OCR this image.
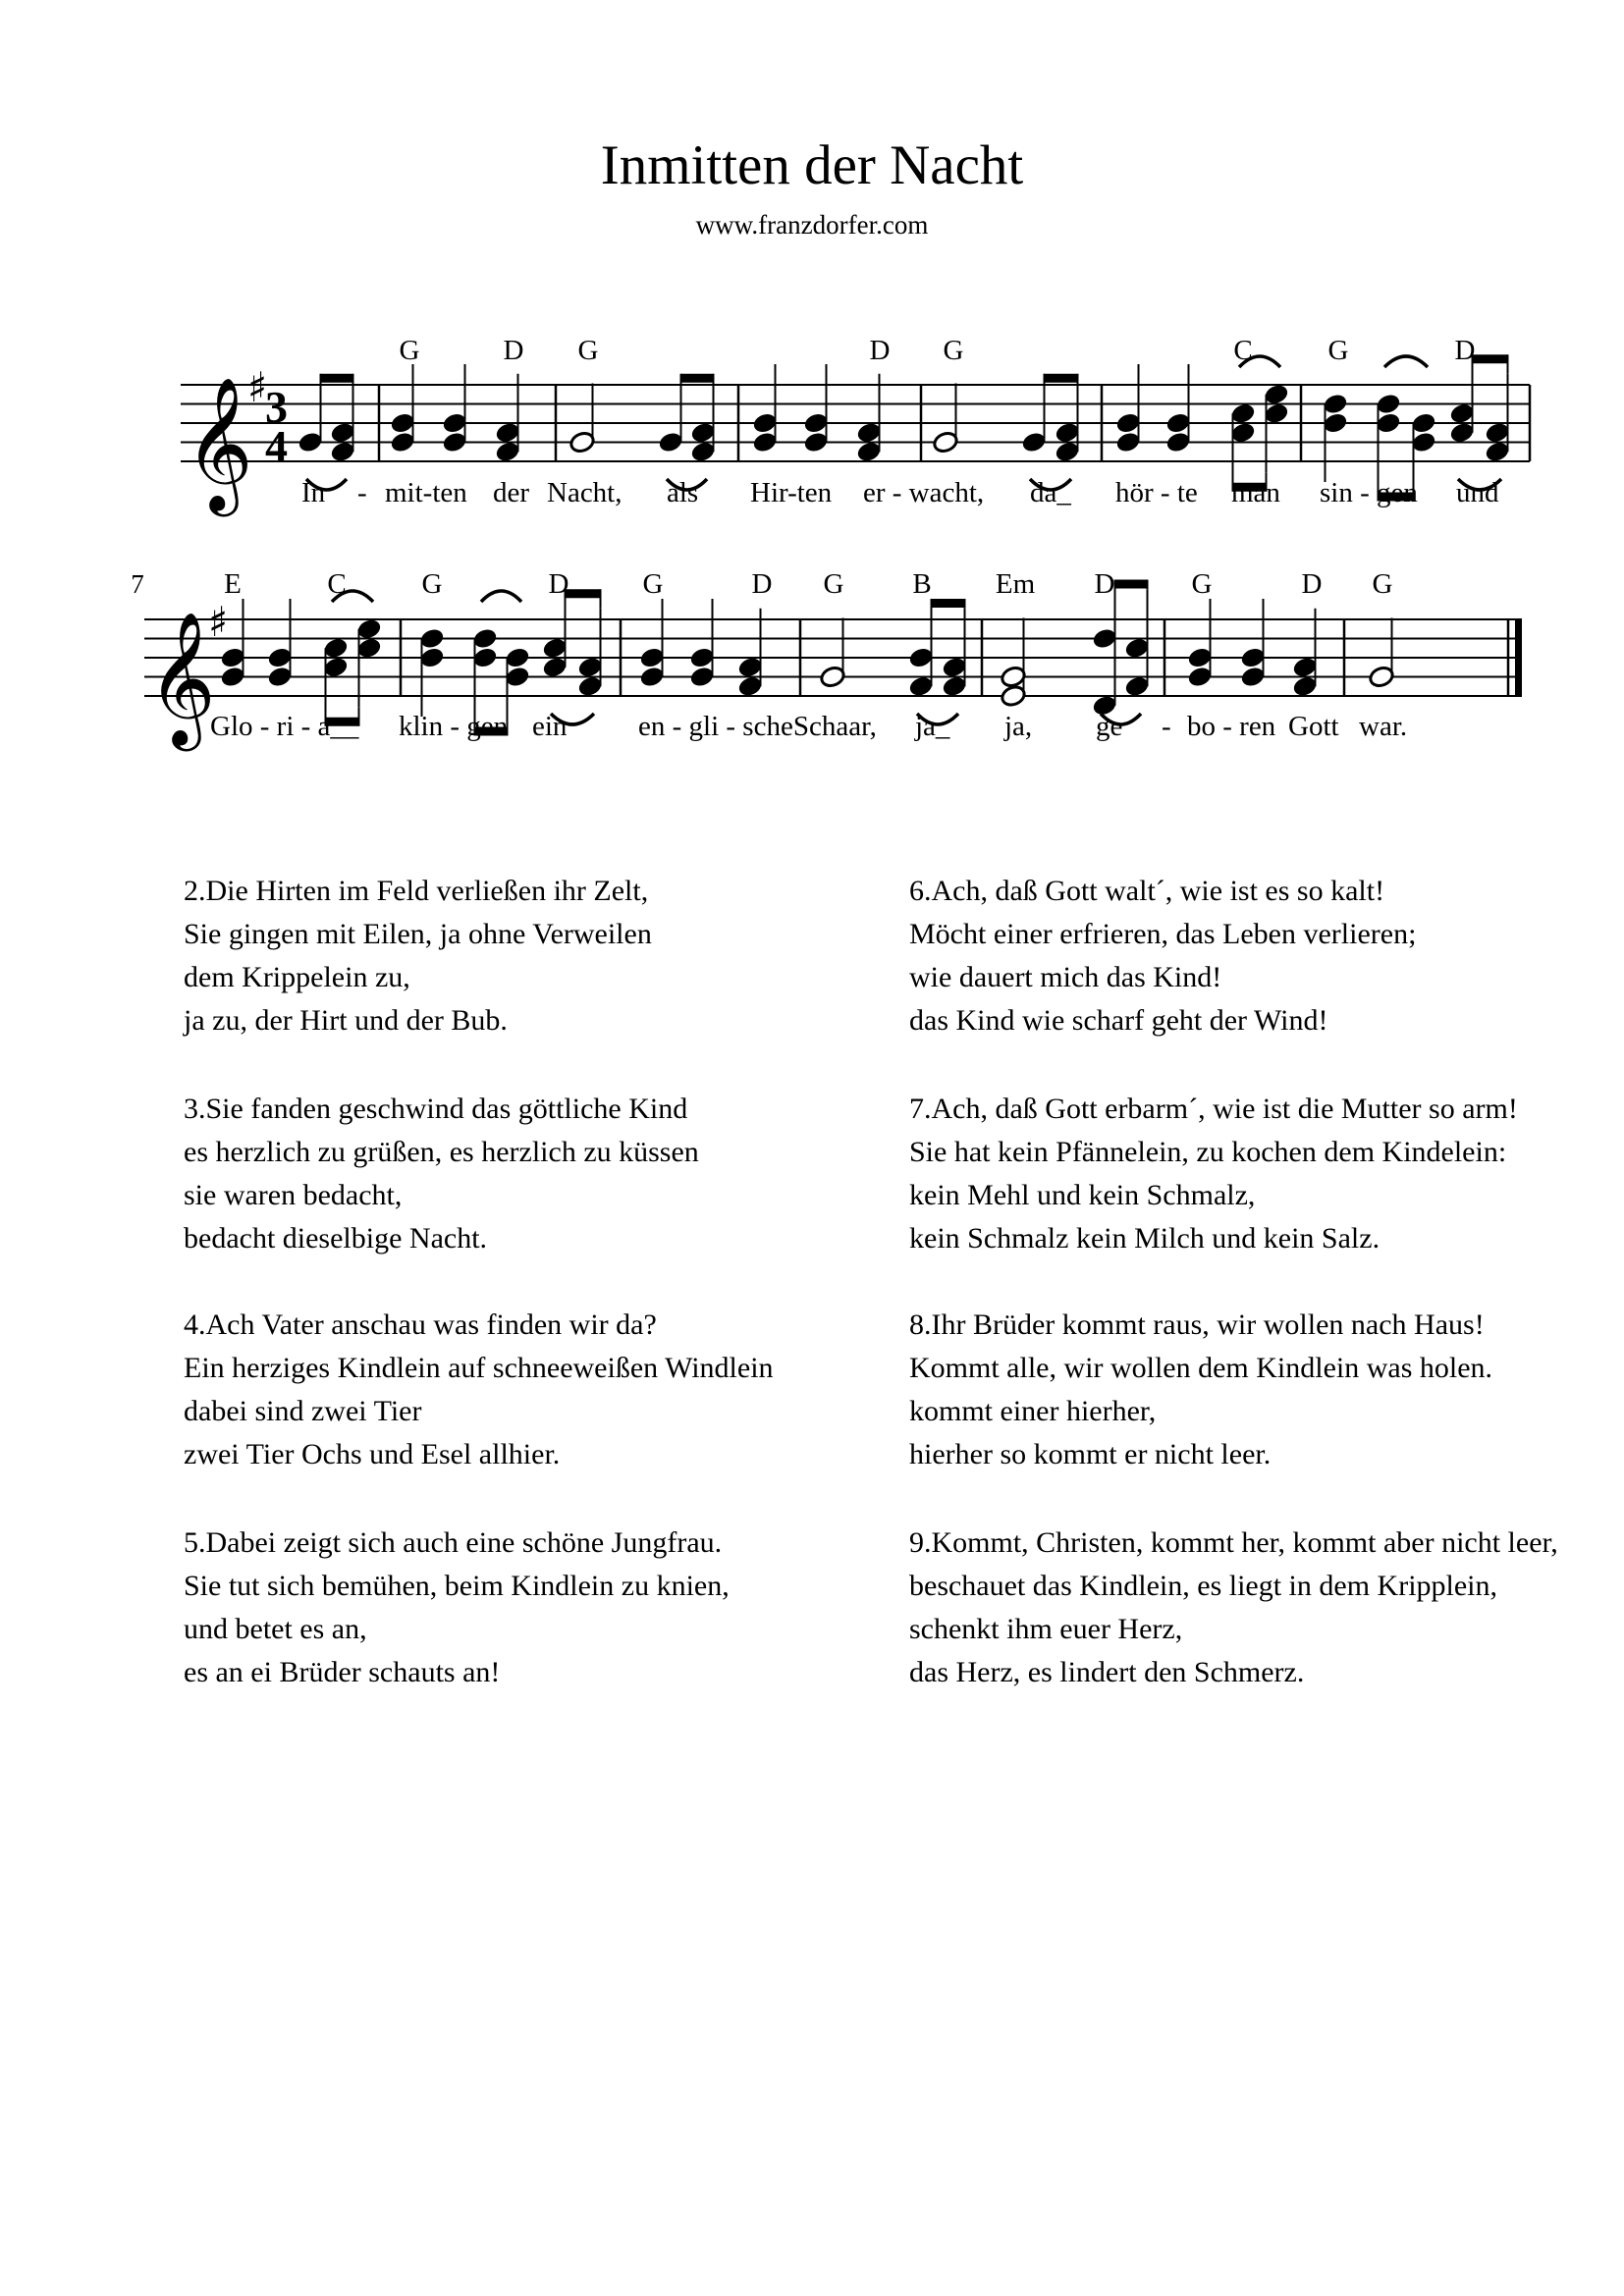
Inmitten der Nacht
www.franzdorfer.com
𝄞
♯
3
4
𝄞
♯
G	D G	D G	C	G	D
7	E	C	G	D	G	D G B Em D	G	D G
In - mit-ten der Nacht, als Hir-ten er - wacht, da_ hör - te man sin - gen und
Glo - ri - a__ klin - gen ein	en - gli - scheSchaar, ja_ ja, ge - bo - ren Gott war.
2.Die Hirten im Feld verließen ihr Zelt,
Sie gingen mit Eilen, ja ohne Verweilen
dem Krippelein zu,
ja zu, der Hirt und der Bub.
3.Sie fanden geschwind das göttliche Kind
es herzlich zu grüßen, es herzlich zu küssen
sie waren bedacht,
bedacht dieselbige Nacht.
4.Ach Vater anschau was finden wir da?
Ein herziges Kindlein auf schneeweißen Windlein
dabei sind zwei Tier
zwei Tier Ochs und Esel allhier.
5.Dabei zeigt sich auch eine schöne Jungfrau.
Sie tut sich bemühen, beim Kindlein zu knien,
und betet es an,
es an ei Brüder schauts an!
6.Ach, daß Gott walt´, wie ist es so kalt!
Möcht einer erfrieren, das Leben verlieren;
wie dauert mich das Kind!
das Kind wie scharf geht der Wind!
7.Ach, daß Gott erbarm´, wie ist die Mutter so arm!
Sie hat kein Pfännelein, zu kochen dem Kindelein:
kein Mehl und kein Schmalz,
kein Schmalz kein Milch und kein Salz.
8.Ihr Brüder kommt raus, wir wollen nach Haus!
Kommt alle, wir wollen dem Kindlein was holen.
kommt einer hierher,
hierher so kommt er nicht leer.
9.Kommt, Christen, kommt her, kommt aber nicht leer,
beschauet das Kindlein, es liegt in dem Kripplein,
schenkt ihm euer Herz,
das Herz, es lindert den Schmerz.
